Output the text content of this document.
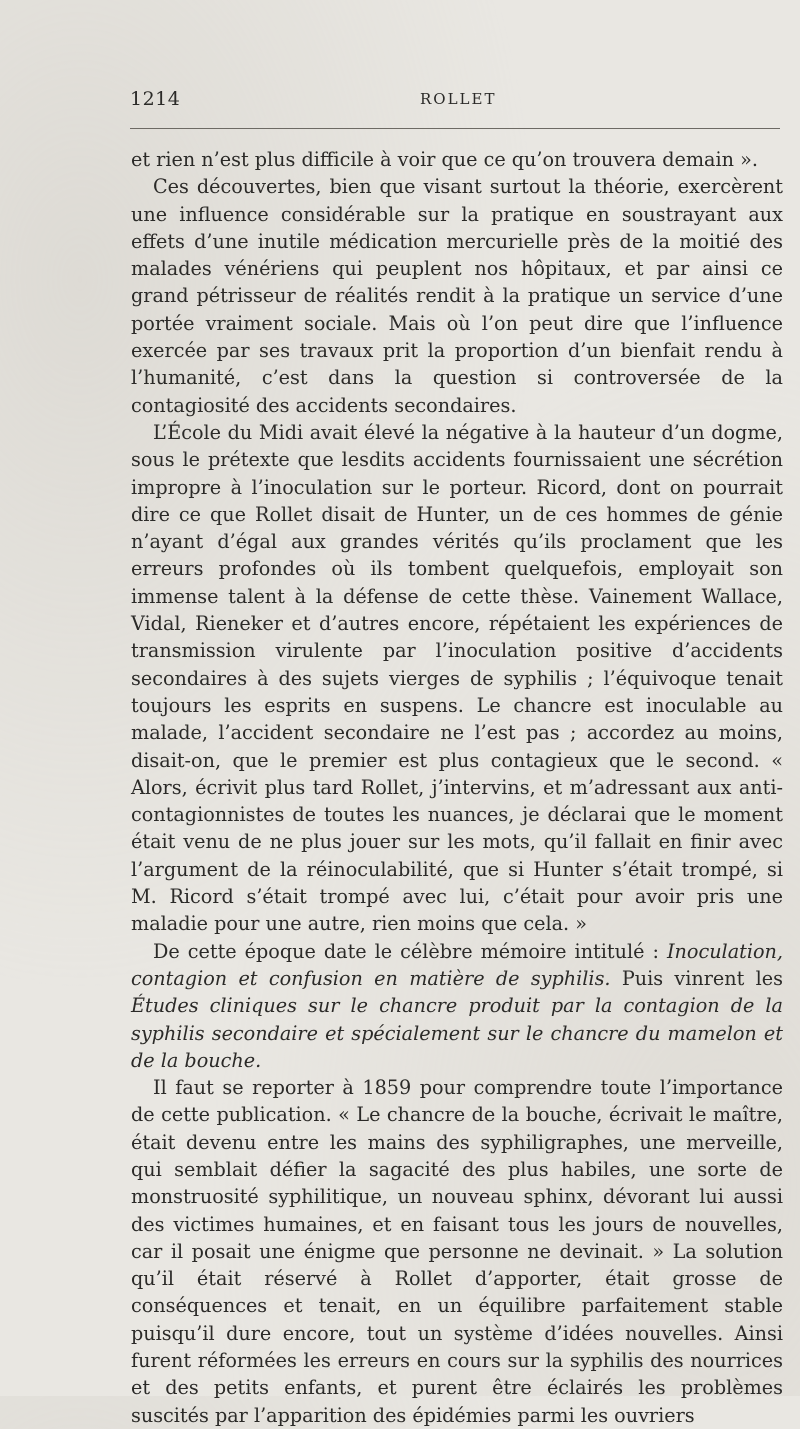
1214	ROLLET

et rien n’est plus difficile à voir que ce qu’on trouvera demain ».

Ces découvertes, bien que visant surtout la théorie, exercèrent une influence considérable sur la pratique en soustrayant aux effets d’une inutile médication mercurielle près de la moitié des malades vénériens qui peuplent nos hôpitaux, et par ainsi ce grand pétrisseur de réalités rendit à la pratique un service d’une portée vraiment sociale. Mais où l’on peut dire que l’influence exercée par ses travaux prit la proportion d’un bienfait rendu à l’humanité, c’est dans la question si controversée de la contagiosité des accidents secondaires.

L’École du Midi avait élevé la négative à la hauteur d’un dogme, sous le prétexte que lesdits accidents fournissaient une sécrétion impropre à l’inoculation sur le porteur. Ricord, dont on pourrait dire ce que Rollet disait de Hunter, un de ces hommes de génie n’ayant d’égal aux grandes vérités qu’ils proclament que les erreurs profondes où ils tombent quelquefois, employait son immense talent à la défense de cette thèse. Vainement Wallace, Vidal, Rieneker et d’autres encore, répétaient les expériences de transmission virulente par l’inoculation positive d’accidents secondaires à des sujets vierges de syphilis ; l’équivoque tenait toujours les esprits en suspens. Le chancre est inoculable au malade, l’accident secondaire ne l’est pas ; accordez au moins, disait-on, que le premier est plus contagieux que le second. « Alors, écrivit plus tard Rollet, j’intervins, et m’adressant aux anti-contagionnistes de toutes les nuances, je déclarai que le moment était venu de ne plus jouer sur les mots, qu’il fallait en finir avec l’argument de la réinoculabilité, que si Hunter s’était trompé, si M. Ricord s’était trompé avec lui, c’était pour avoir pris une maladie pour une autre, rien moins que cela. »

De cette époque date le célèbre mémoire intitulé : Inoculation, contagion et confusion en matière de syphilis. Puis vinrent les Études cliniques sur le chancre produit par la contagion de la syphilis secondaire et spécialement sur le chancre du mamelon et de la bouche.

Il faut se reporter à 1859 pour comprendre toute l’importance de cette publication. « Le chancre de la bouche, écrivait le maître, était devenu entre les mains des syphiligraphes, une merveille, qui semblait défier la sagacité des plus habiles, une sorte de monstruosité syphilitique, un nouveau sphinx, dévorant lui aussi des victimes humaines, et en faisant tous les jours de nouvelles, car il posait une énigme que personne ne devinait. » La solution qu’il était réservé à Rollet d’apporter, était grosse de conséquences et tenait, en un équilibre parfaitement stable puisqu’il dure encore, tout un système d’idées nouvelles. Ainsi furent réformées les erreurs en cours sur la syphilis des nourrices et des petits enfants, et purent être éclairés les problèmes suscités par l’apparition des épidémies parmi les ouvriers
